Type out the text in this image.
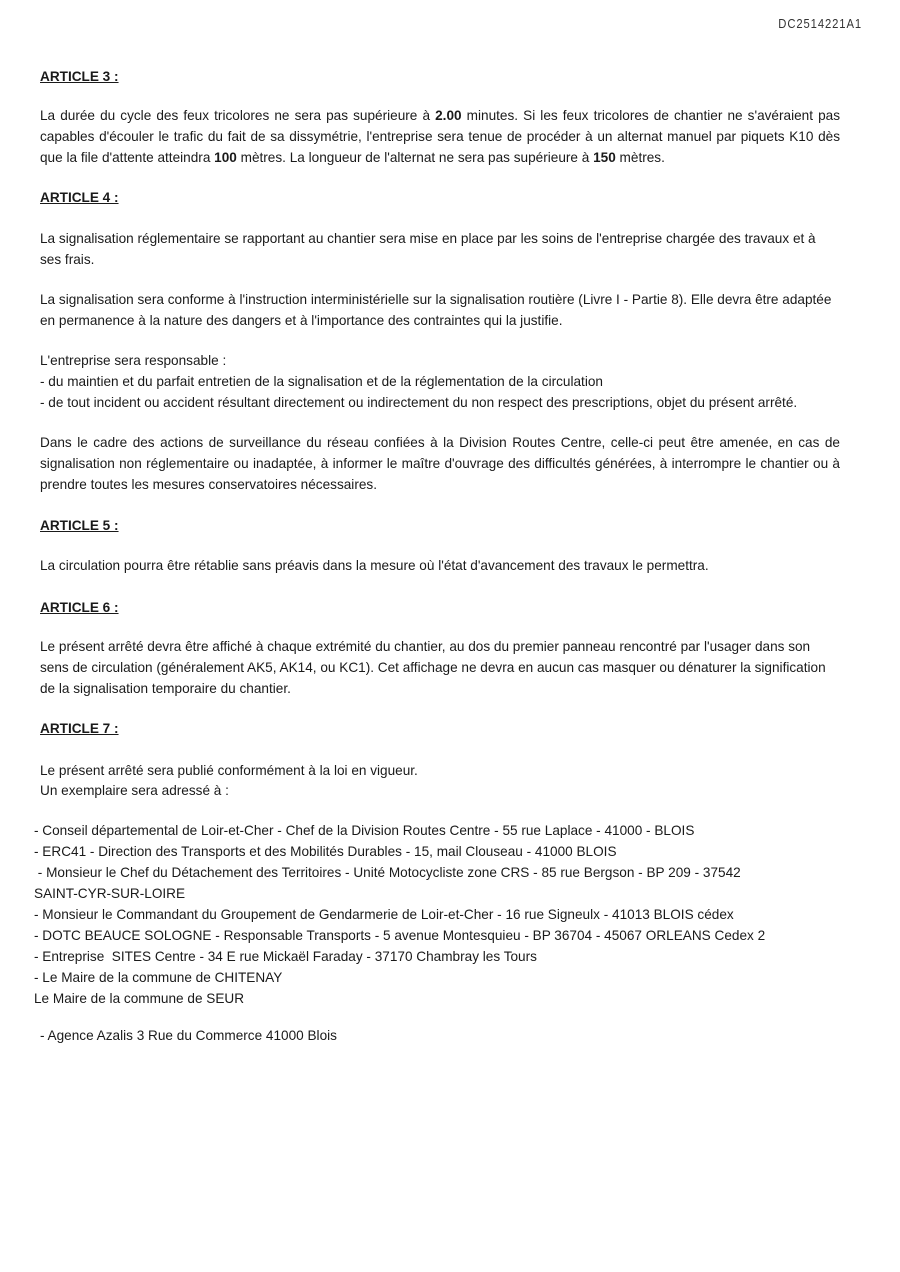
DC2514221A1
ARTICLE 3 :

La durée du cycle des feux tricolores ne sera pas supérieure à 2.00 minutes. Si les feux tricolores de chantier ne s'avéraient pas capables d'écouler le trafic du fait de sa dissymétrie, l'entreprise sera tenue de procéder à un alternat manuel par piquets K10 dès que la file d'attente atteindra 100 mètres. La longueur de l'alternat ne sera pas supérieure à 150 mètres.

ARTICLE 4 :

La signalisation réglementaire se rapportant au chantier sera mise en place par les soins de l'entreprise chargée des travaux et à ses frais.

La signalisation sera conforme à l'instruction interministérielle sur la signalisation routière (Livre I - Partie 8). Elle devra être adaptée en permanence à la nature des dangers et à l'importance des contraintes qui la justifie.

L'entreprise sera responsable :

- du maintien et du parfait entretien de la signalisation et de la réglementation de la circulation

- de tout incident ou accident résultant directement ou indirectement du non respect des prescriptions, objet du présent arrêté.

Dans le cadre des actions de surveillance du réseau confiées à la Division Routes Centre, celle-ci peut être amenée, en cas de signalisation non réglementaire ou inadaptée, à informer le maître d'ouvrage des difficultés générées, à interrompre le chantier ou à prendre toutes les mesures conservatoires nécessaires.

ARTICLE 5 :

La circulation pourra être rétablie sans préavis dans la mesure où l'état d'avancement des travaux le permettra.

ARTICLE 6 :

Le présent arrêté devra être affiché à chaque extrémité du chantier, au dos du premier panneau rencontré par l'usager dans son sens de circulation (généralement AK5, AK14, ou KC1). Cet affichage ne devra en aucun cas masquer ou dénaturer la signification de la signalisation temporaire du chantier.

ARTICLE 7 :

Le présent arrêté sera publié conformément à la loi en vigueur.

Un exemplaire sera adressé à :

- Conseil départemental de Loir-et-Cher - Chef de la Division Routes Centre - 55 rue Laplace - 41000 - BLOIS
- ERC41 - Direction des Transports et des Mobilités Durables - 15, mail Clouseau - 41000 BLOIS
- Monsieur le Chef du Détachement des Territoires - Unité Motocycliste zone CRS - 85 rue Bergson - BP 209 - 37542
SAINT-CYR-SUR-LOIRE
- Monsieur le Commandant du Groupement de Gendarmerie de Loir-et-Cher - 16 rue Signeulx - 41013 BLOIS cédex
- DOTC BEAUCE SOLOGNE - Responsable Transports - 5 avenue Montesquieu - BP 36704 - 45067 ORLEANS Cedex 2
- Entreprise  SITES Centre - 34 E rue Mickaël Faraday - 37170 Chambray les Tours
- Le Maire de la commune de CHITENAY
Le Maire de la commune de SEUR

- Agence Azalis 3 Rue du Commerce 41000 Blois
